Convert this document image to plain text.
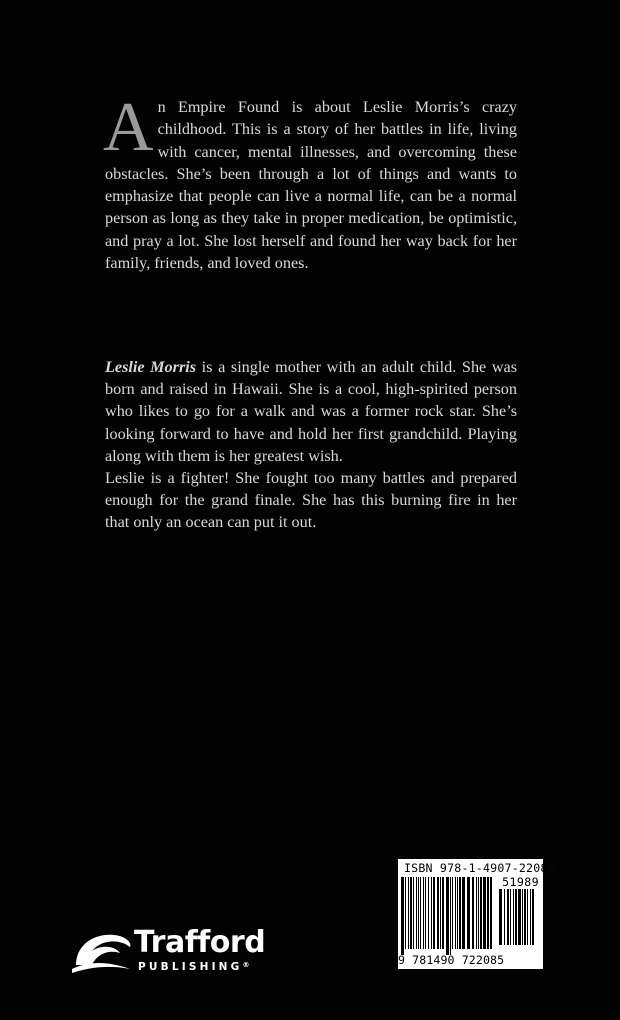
An Empire Found is about Leslie Morris’s crazy childhood. This is a story of her battles in life, living with cancer, mental illnesses, and overcoming these obstacles. She’s been through a lot of things and wants to emphasize that people can live a normal life, can be a normal person as long as they take in proper medication, be optimistic, and pray a lot. She lost herself and found her way back for her family, friends, and loved ones.

Leslie Morris is a single mother with an adult child. She was born and raised in Hawaii. She is a cool, high-spirited person who likes to go for a walk and was a former rock star. She’s looking forward to have and hold her first grandchild. Playing along with them is her greatest wish.

Leslie is a fighter! She fought too many battles and prepared enough for the grand finale. She has this burning fire in her that only an ocean can put it out.

ISBN 978-1-4907-2208-5
51989
9 781490 722085
Trafford
PUBLISHING®
